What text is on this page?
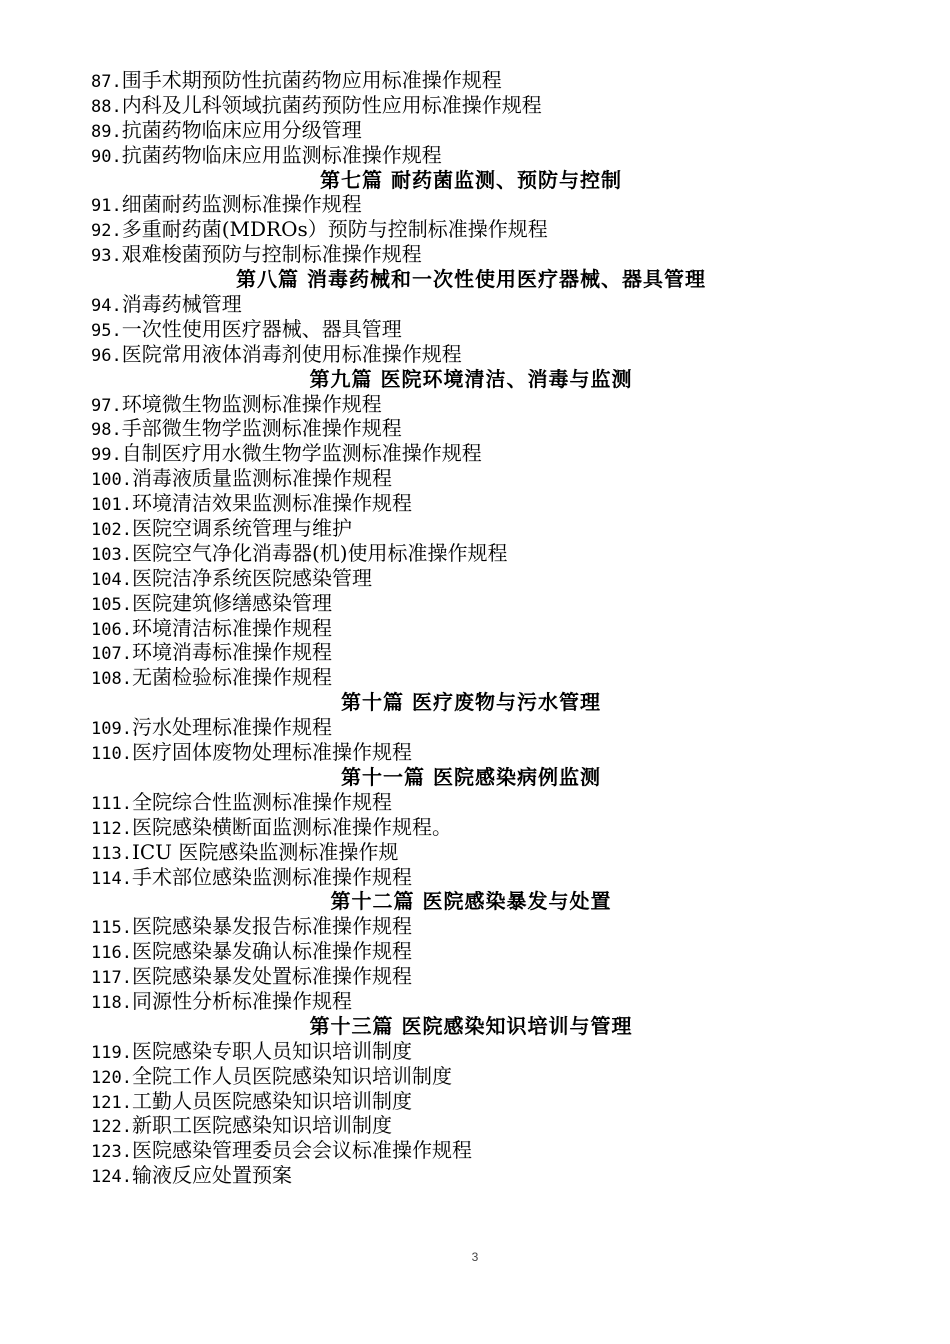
87.围手术期预防性抗菌药物应用标准操作规程
88.内科及儿科领域抗菌药预防性应用标准操作规程
89.抗菌药物临床应用分级管理
90.抗菌药物临床应用监测标准操作规程
第七篇 耐药菌监测、预防与控制
91.细菌耐药监测标准操作规程
92.多重耐药菌(MDROs）预防与控制标准操作规程
93.艰难梭菌预防与控制标准操作规程
第八篇 消毒药械和一次性使用医疗器械、器具管理
94.消毒药械管理
95.一次性使用医疗器械、器具管理
96.医院常用液体消毒剂使用标准操作规程
第九篇 医院环境清洁、消毒与监测
97.环境微生物监测标准操作规程
98.手部微生物学监测标准操作规程
99.自制医疗用水微生物学监测标准操作规程
100.消毒液质量监测标准操作规程
101.环境清洁效果监测标准操作规程
102.医院空调系统管理与维护
103.医院空气净化消毒器(机)使用标准操作规程
104.医院洁净系统医院感染管理
105.医院建筑修缮感染管理
106.环境清洁标准操作规程
107.环境消毒标准操作规程
108.无菌检验标准操作规程
第十篇 医疗废物与污水管理
109.污水处理标准操作规程
110.医疗固体废物处理标准操作规程
第十一篇 医院感染病例监测
111.全院综合性监测标准操作规程
112.医院感染横断面监测标准操作规程。
113.ICU 医院感染监测标准操作规
114.手术部位感染监测标准操作规程
第十二篇 医院感染暴发与处置
115.医院感染暴发报告标准操作规程
116.医院感染暴发确认标准操作规程
117.医院感染暴发处置标准操作规程
118.同源性分析标准操作规程
第十三篇 医院感染知识培训与管理
119.医院感染专职人员知识培训制度
120.全院工作人员医院感染知识培训制度
121.工勤人员医院感染知识培训制度
122.新职工医院感染知识培训制度
123.医院感染管理委员会会议标准操作规程
124.输液反应处置预案
3
